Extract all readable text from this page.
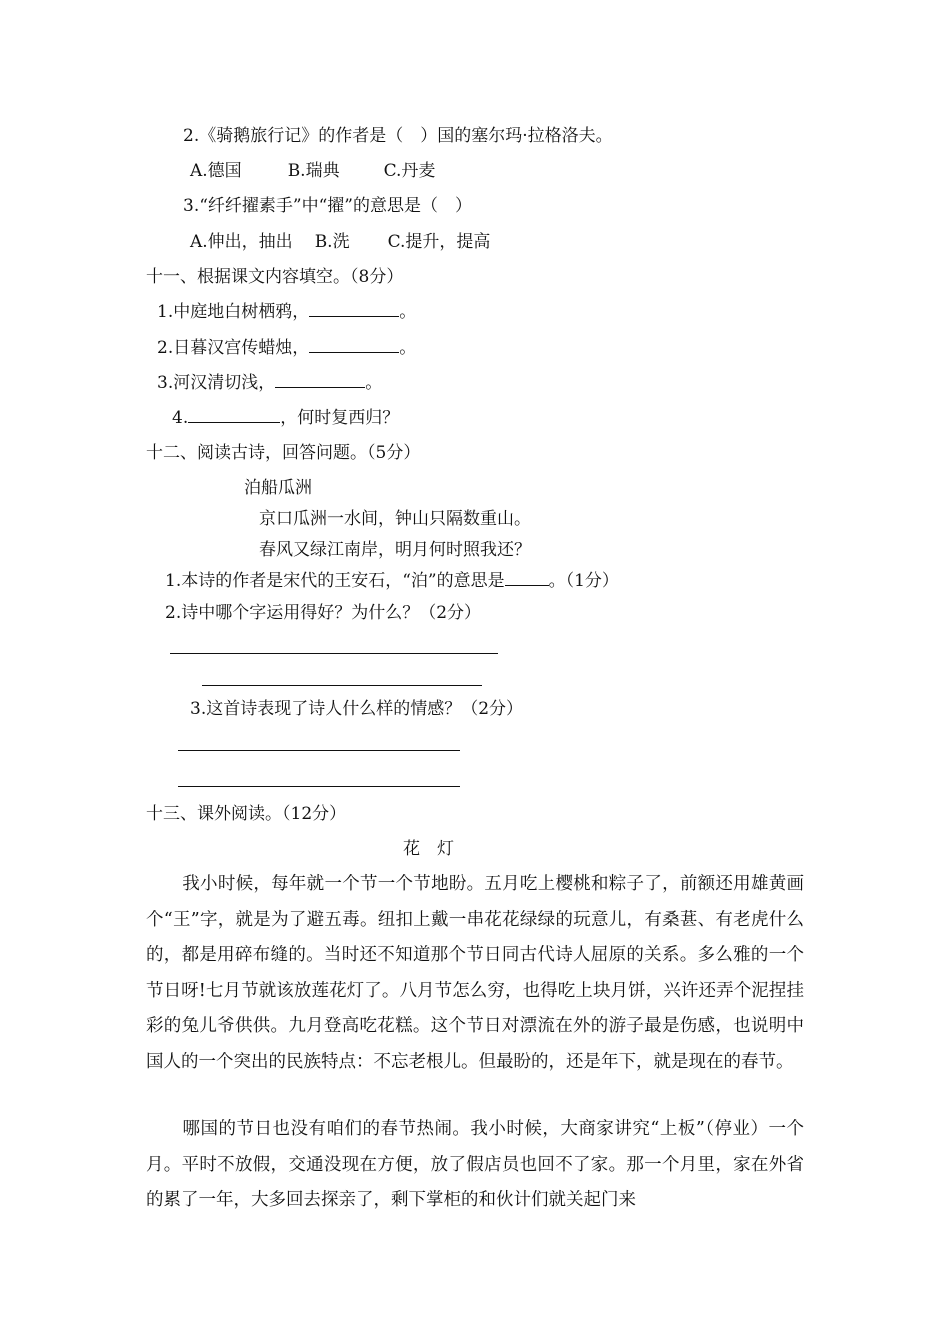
2.《骑鹅旅行记》的作者是（　）国的塞尔玛·拉格洛夫。
A.德国	B.瑞典	C.丹麦
3.“纤纤擢素手”中“擢”的意思是（　）
A.伸出，抽出 B.洗 C.提升，提高
十一、根据课文内容填空。（8分）
1.中庭地白树栖鸦，	。
2.日暮汉宫传蜡烛，	。
3.河汉清切浅，	。
4.	，何时复西归？
十二、阅读古诗，回答问题。（5分）
泊船瓜洲
京口瓜洲一水间，钟山只隔数重山。
春风又绿江南岸，明月何时照我还？
1.本诗的作者是宋代的王安石，“泊”的意思是	。（1分）
2.诗中哪个字运用得好？为什么？（2分）
3.这首诗表现了诗人什么样的情感？（2分）
十三、课外阅读。（12分）
花　灯
我小时候，每年就一个节一个节地盼。五月吃上樱桃和粽子了，前额还用雄黄画个“王”字，就是为了避五毒。纽扣上戴一串花花绿绿的玩意儿，有桑葚、有老虎什么的，都是用碎布缝的。当时还不知道那个节日同古代诗人屈原的关系。多么雅的一个节日呀!七月节就该放莲花灯了。八月节怎么穷，也得吃上块月饼，兴许还弄个泥捏挂彩的兔儿爷供供。九月登高吃花糕。这个节日对漂流在外的游子最是伤感，也说明中国人的一个突出的民族特点：不忘老根儿。但最盼的，还是年下，就是现在的春节。
哪国的节日也没有咱们的春节热闹。我小时候，大商家讲究“上板”（停业）一个月。平时不放假，交通没现在方便，放了假店员也回不了家。那一个月里，家在外省的累了一年，大多回去探亲了，剩下掌柜的和伙计们就关起门来
